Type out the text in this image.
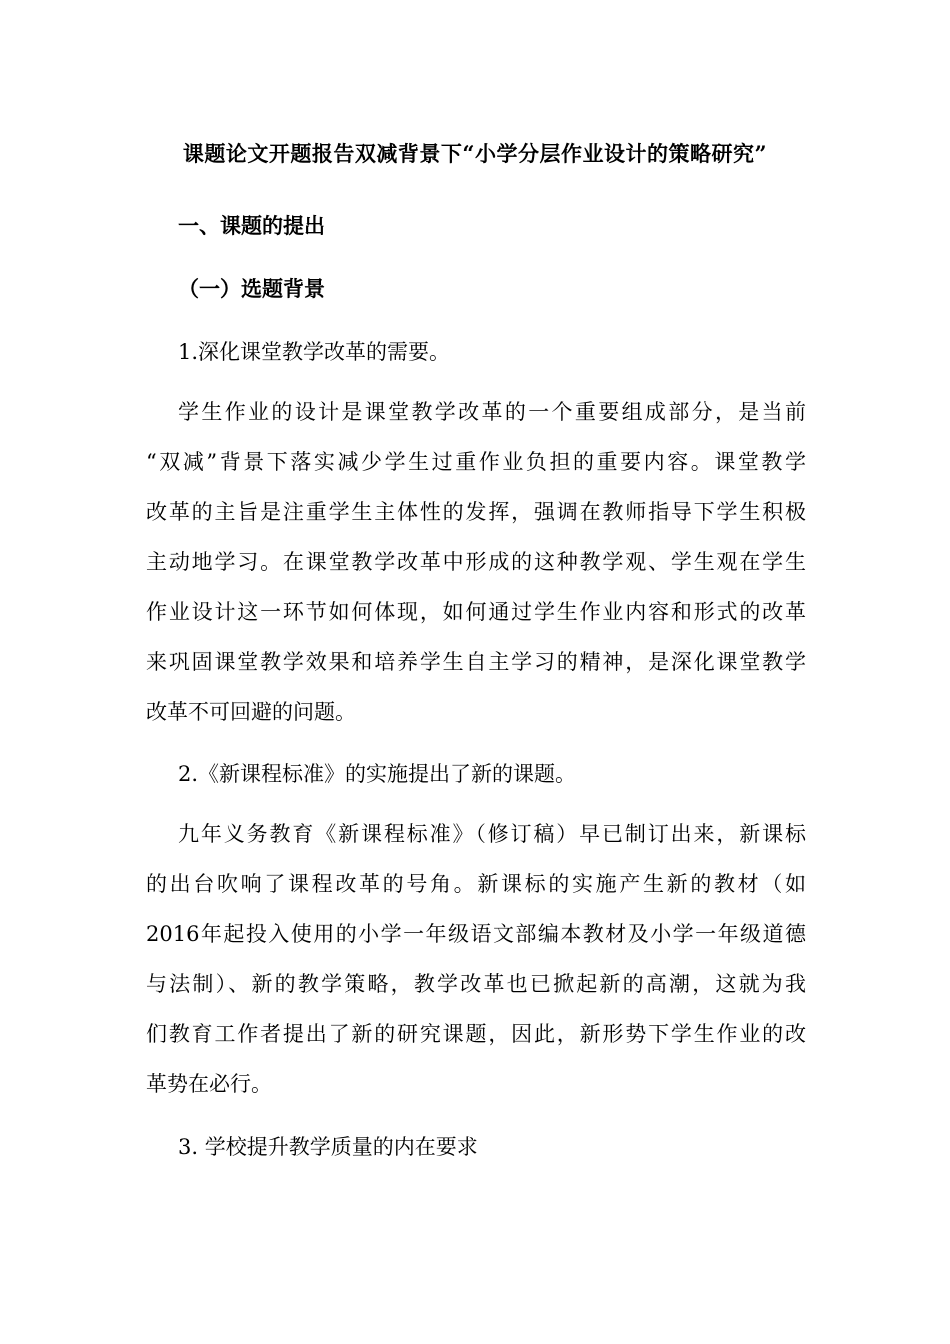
课题论文开题报告双减背景下“小学分层作业设计的策略研究”
一、课题的提出
（一）选题背景
1.深化课堂教学改革的需要。
学生作业的设计是课堂教学改革的一个重要组成部分，是当前
“双减”背景下落实减少学生过重作业负担的重要内容。课堂教学
改革的主旨是注重学生主体性的发挥，强调在教师指导下学生积极
主动地学习。在课堂教学改革中形成的这种教学观、学生观在学生
作业设计这一环节如何体现，如何通过学生作业内容和形式的改革
来巩固课堂教学效果和培养学生自主学习的精神，是深化课堂教学
改革不可回避的问题。
2.《新课程标准》的实施提出了新的课题。
九年义务教育《新课程标准》（修订稿）早已制订出来，新课标
的出台吹响了课程改革的号角。新课标的实施产生新的教材（如
2016年起投入使用的小学一年级语文部编本教材及小学一年级道德
与法制）、新的教学策略，教学改革也已掀起新的高潮，这就为我
们教育工作者提出了新的研究课题，因此，新形势下学生作业的改
革势在必行。
3. 学校提升教学质量的内在要求
